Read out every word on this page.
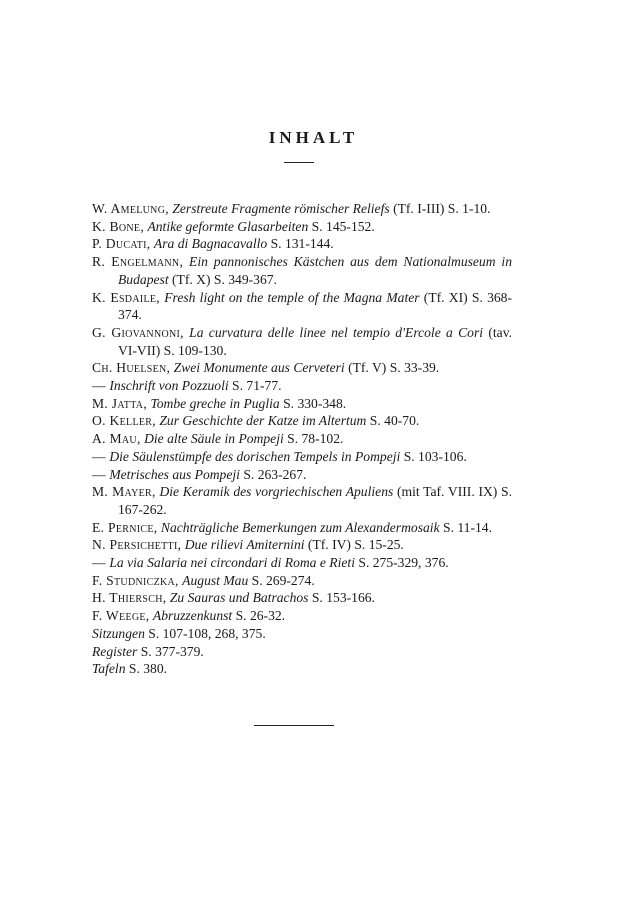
INHALT
W. Amelung, Zerstreute Fragmente römischer Reliefs (Tf. I-III) S. 1-10.
K. Bone, Antike geformte Glasarbeiten S. 145-152.
P. Ducati, Ara di Bagnacavallo S. 131-144.
R. Engelmann, Ein pannonisches Kästchen aus dem Nationalmuseum in Budapest (Tf. X) S. 349-367.
K. Esdaile, Fresh light on the temple of the Magna Mater (Tf. XI) S. 368-374.
G. Giovannoni, La curvatura delle linee nel tempio d'Ercole a Cori (tav. VI-VII) S. 109-130.
Ch. Huelsen, Zwei Monumente aus Cerveteri (Tf. V) S. 33-39.
— Inschrift von Pozzuoli S. 71-77.
M. Jatta, Tombe greche in Puglia S. 330-348.
O. Keller, Zur Geschichte der Katze im Altertum S. 40-70.
A. Mau, Die alte Säule in Pompeji S. 78-102.
— Die Säulenstümpfe des dorischen Tempels in Pompeji S. 103-106.
— Metrisches aus Pompeji S. 263-267.
M. Mayer, Die Keramik des vorgriechischen Apuliens (mit Taf. VIII. IX) S. 167-262.
E. Pernice, Nachträgliche Bemerkungen zum Alexandermosaik S. 11-14.
N. Persichetti, Due rilievi Amiternini (Tf. IV) S. 15-25.
— La via Salaria nei circondari di Roma e Rieti S. 275-329, 376.
F. Studniczka, August Mau S. 269-274.
H. Thiersch, Zu Sauras und Batrachos S. 153-166.
F. Weege, Abruzzenkunst S. 26-32.
Sitzungen S. 107-108, 268, 375.
Register S. 377-379.
Tafeln S. 380.
